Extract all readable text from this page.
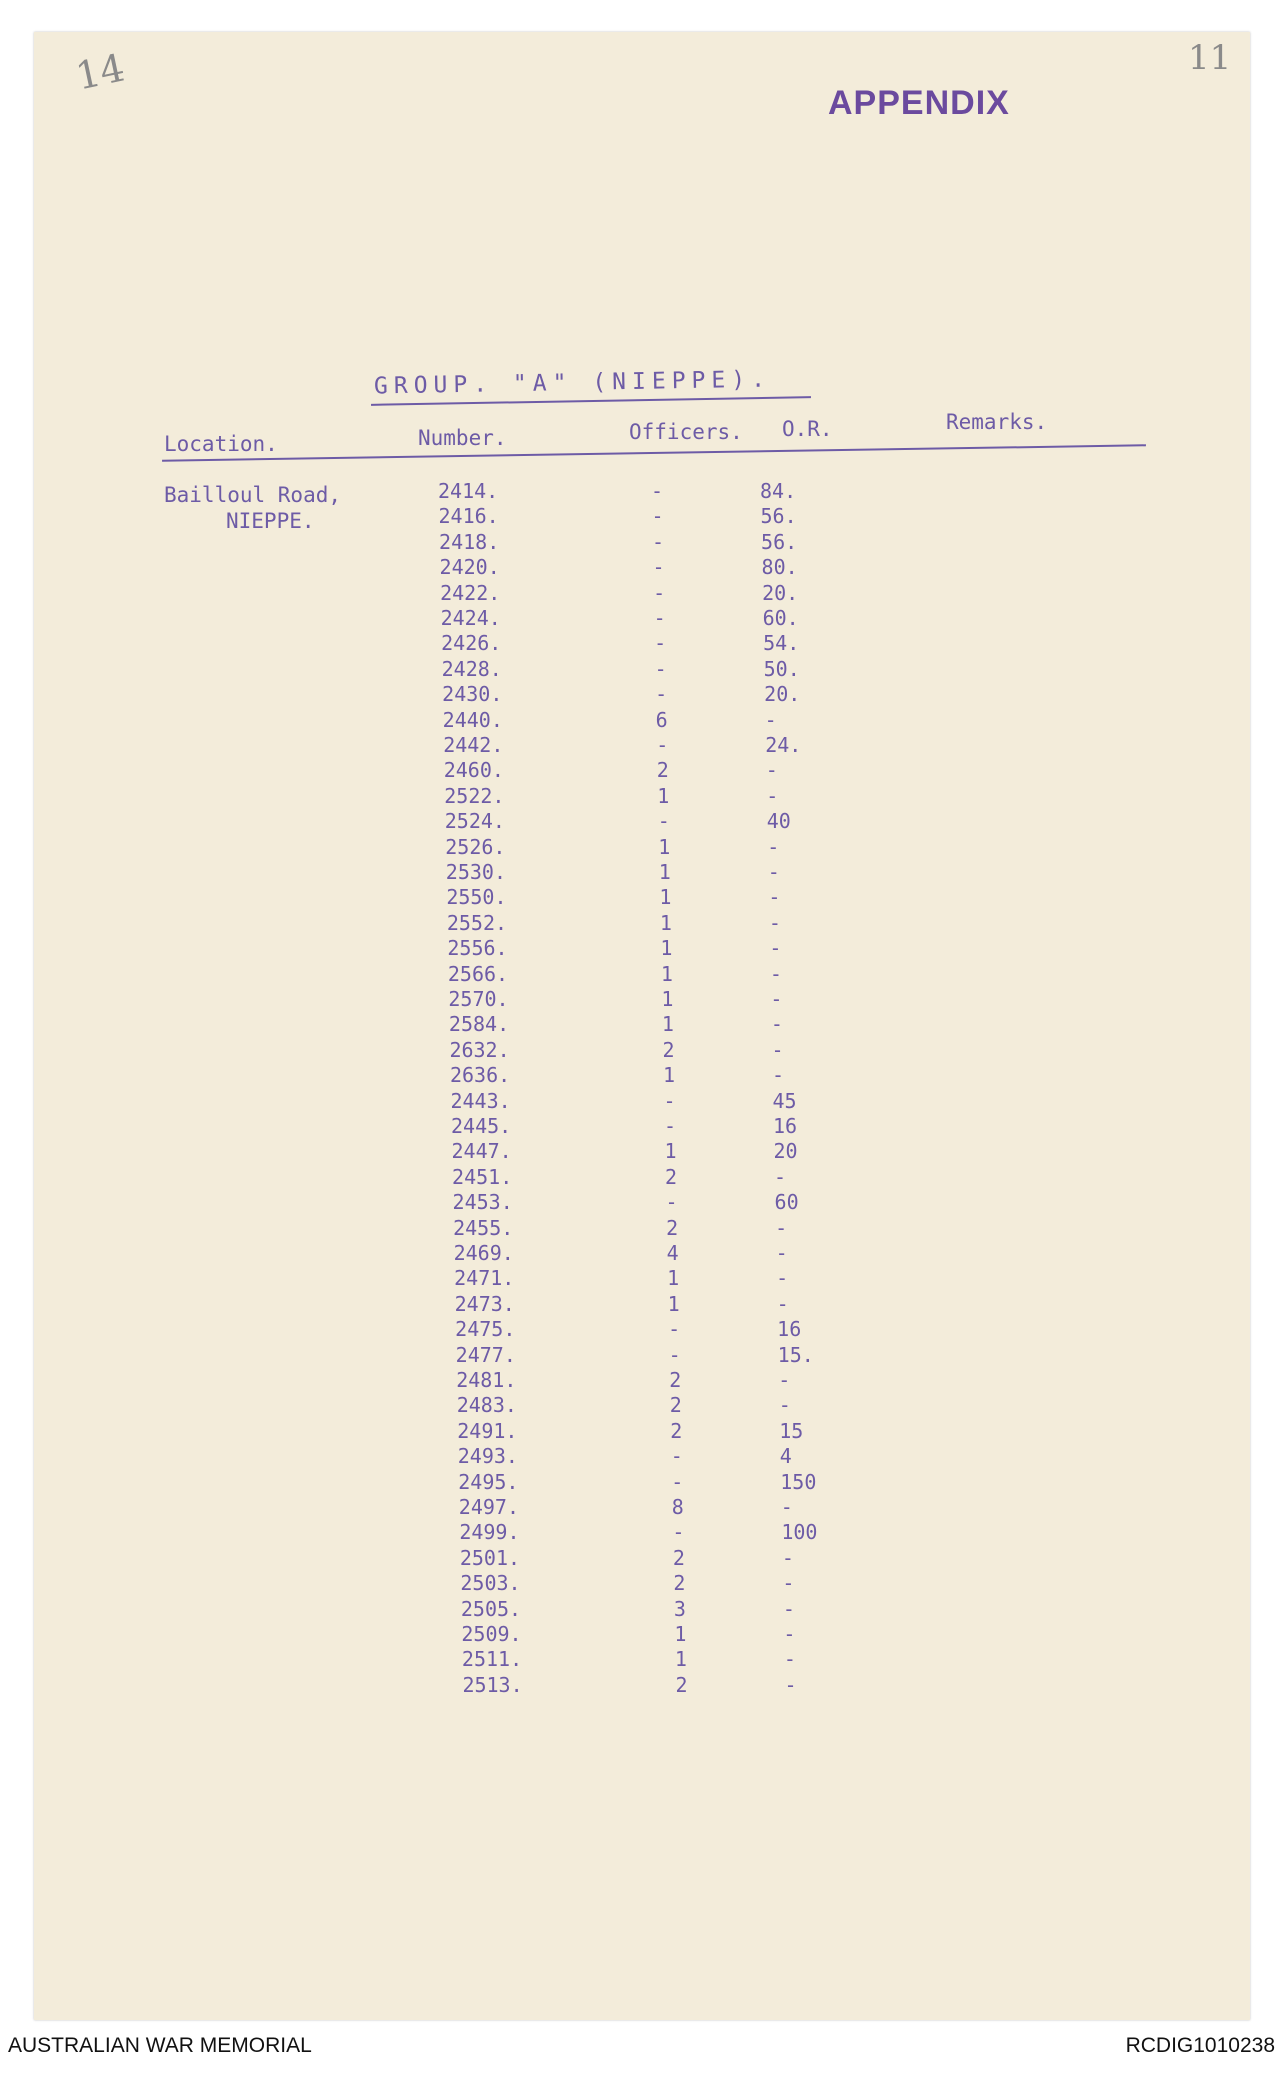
14	11
APPENDIX
GROUP. "A" (NIEPPE).
Location.	Number.	Officers. O.R.	Remarks.
Bailloul Road,
NIEPPE.
2414.	-	84.
2416.	-	56.
2418.	-	56.
2420.	-	80.
2422.	-	20.
2424.	-	60.
2426.	-	54.
2428.	-	50.
2430.	-	20.
2440.	6	-
2442.	-	24.
2460.	2	-
2522.	1	-
2524.	-	40
2526.	1	-
2530.	1	-
2550.	1	-
2552.	1	-
2556.	1	-
2566.	1	-
2570.	1	-
2584.	1	-
2632.	2	-
2636.	1	-
2443.	-	45
2445.	-	16
2447.	1	20
2451.	2	-
2453.	-	60
2455.	2	-
2469.	4	-
2471.	1	-
2473.	1	-
2475.	-	16
2477.	-	15.
2481.	2	-
2483.	2	-
2491.	2	15
2493.	-	4
2495.	-	150
2497.	8	-
2499.	-	100
2501.	2	-
2503.	2	-
2505.	3	-
2509.	1	-
2511.	1	-
2513.	2	-
AUSTRALIAN WAR MEMORIAL	RCDIG1010238
